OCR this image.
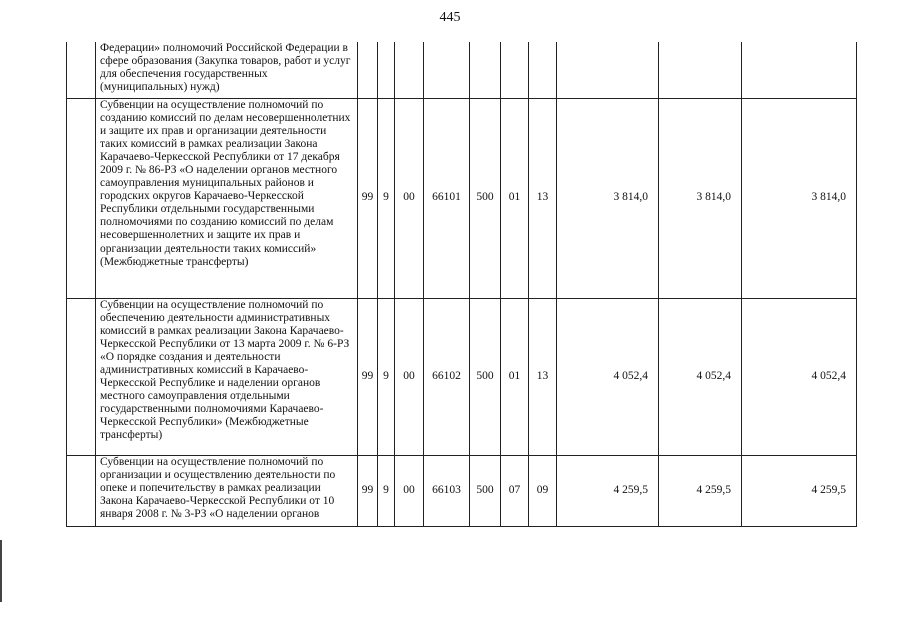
445
	Федерации» полномочий Российской Федерации в сфере образования (Закупка товаров, работ и услуг для обеспечения государственных (муниципальных) нужд)										
	Субвенции на осуществление полномочий по созданию комиссий по делам несовершеннолетних и защите их прав и организации деятельности таких комиссий в рамках реализации Закона Карачаево-Черкесской Республики от 17 декабря 2009 г. № 86-РЗ «О наделении органов местного самоуправления муниципальных районов и городских округов Карачаево-Черкесской Республики отдельными государственными полномочиями по созданию комиссий по делам несовершеннолетних и защите их прав и организации деятельности таких комиссий» (Межбюджетные трансферты)	99	9	00	66101	500	01	13	3 814,0	3 814,0	3 814,0
	Субвенции на осуществление полномочий по обеспечению деятельности административных комиссий в рамках реализации Закона Карачаево-Черкесской Республики от 13 марта 2009 г. № 6-РЗ «О порядке создания и деятельности административных комиссий в Карачаево-Черкесской Республике и наделении органов местного самоуправления отдельными государственными полномочиями Карачаево-Черкесской Республики» (Межбюджетные трансферты)	99	9	00	66102	500	01	13	4 052,4	4 052,4	4 052,4
	Субвенции на осуществление полномочий по организации и осуществлению деятельности по опеке и попечительству в рамках реализации Закона Карачаево-Черкесской Республики от 10 января 2008 г. № 3-РЗ «О наделении органов	99	9	00	66103	500	07	09	4 259,5	4 259,5	4 259,5
